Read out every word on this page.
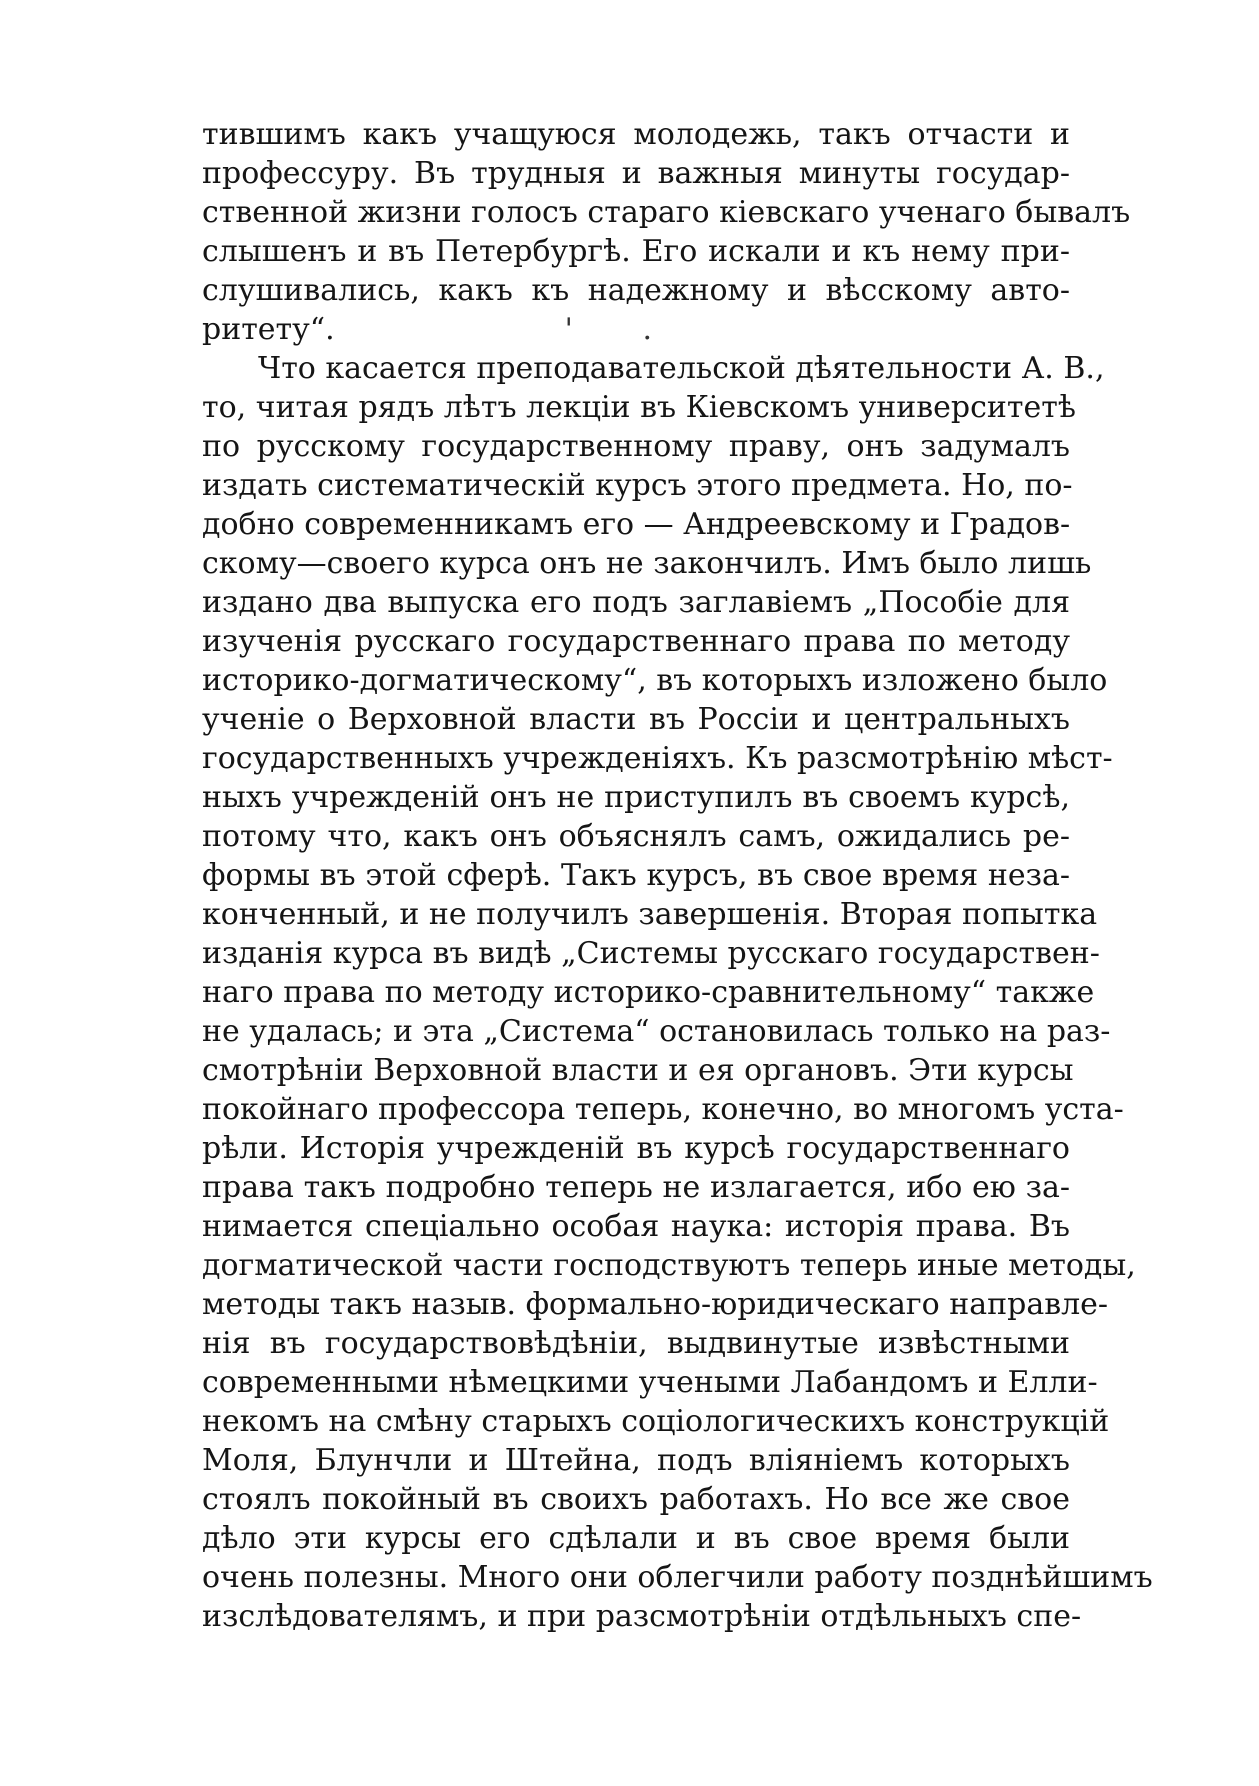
тившимъ какъ учащуюся молодежь, такъ отчасти и
профессуру. Въ трудныя и важныя минуты государ-
ственной жизни голосъ стараго кіевскаго ученаго бывалъ
слышенъ и въ Петербургѣ. Его искали и къ нему при-
слушивались, какъ къ надежному и вѣсскому авто-
ритету“.	' .
Что касается преподавательской дѣятельности А. В.,
то, читая рядъ лѣтъ лекціи въ Кіевскомъ университетѣ
по русскому государственному праву, онъ задумалъ
издать систематическій курсъ этого предмета. Но, по-
добно современникамъ его — Андреевскому и Градов-
скому—своего курса онъ не закончилъ. Имъ было лишь
издано два выпуска его подъ заглавіемъ „Пособіе для
изученія русскаго государственнаго права по методу
историко-догматическому“, въ которыхъ изложено было
ученіе о Верховной власти въ Россіи и центральныхъ
государственныхъ учрежденіяхъ. Къ разсмотрѣнію мѣст-
ныхъ учрежденій онъ не приступилъ въ своемъ курсѣ,
потому что, какъ онъ объяснялъ самъ, ожидались ре-
формы въ этой сферѣ. Такъ курсъ, въ свое время неза-
конченный, и не получилъ завершенія. Вторая попытка
изданія курса въ видѣ „Системы русскаго государствен-
наго права по методу историко-сравнительному“ также
не удалась; и эта „Система“ остановилась только на раз-
смотрѣніи Верховной власти и ея органовъ. Эти курсы
покойнаго профессора теперь, конечно, во многомъ уста-
рѣли. Исторія учрежденій въ курсѣ государственнаго
права такъ подробно теперь не излагается, ибо ею за-
нимается спеціально особая наука: исторія права. Въ
догматической части господствуютъ теперь иные методы,
методы такъ назыв. формально-юридическаго направле-
нія въ государствовѣдѣніи, выдвинутые извѣстными
современными нѣмецкими учеными Лабандомъ и Елли-
некомъ на смѣну старыхъ соціологическихъ конструкцій
Моля, Блунчли и Штейна, подъ вліяніемъ которыхъ
стоялъ покойный въ своихъ работахъ. Но все же свое
дѣло эти курсы его сдѣлали и въ свое время были
очень полезны. Много они облегчили работу позднѣйшимъ
изслѣдователямъ, и при разсмотрѣніи отдѣльныхъ спе-
